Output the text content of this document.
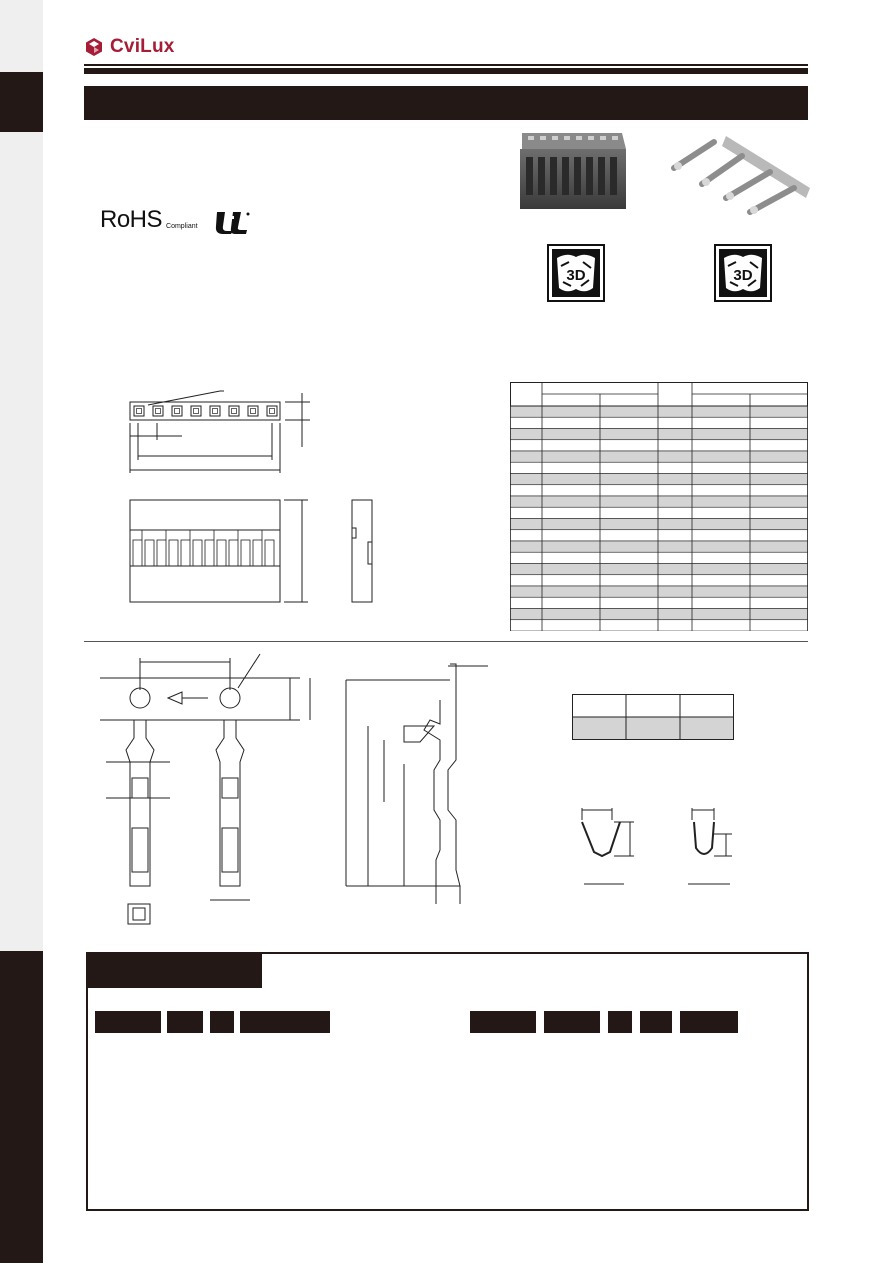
CviLux
RoHS Compliant
3D	3D
